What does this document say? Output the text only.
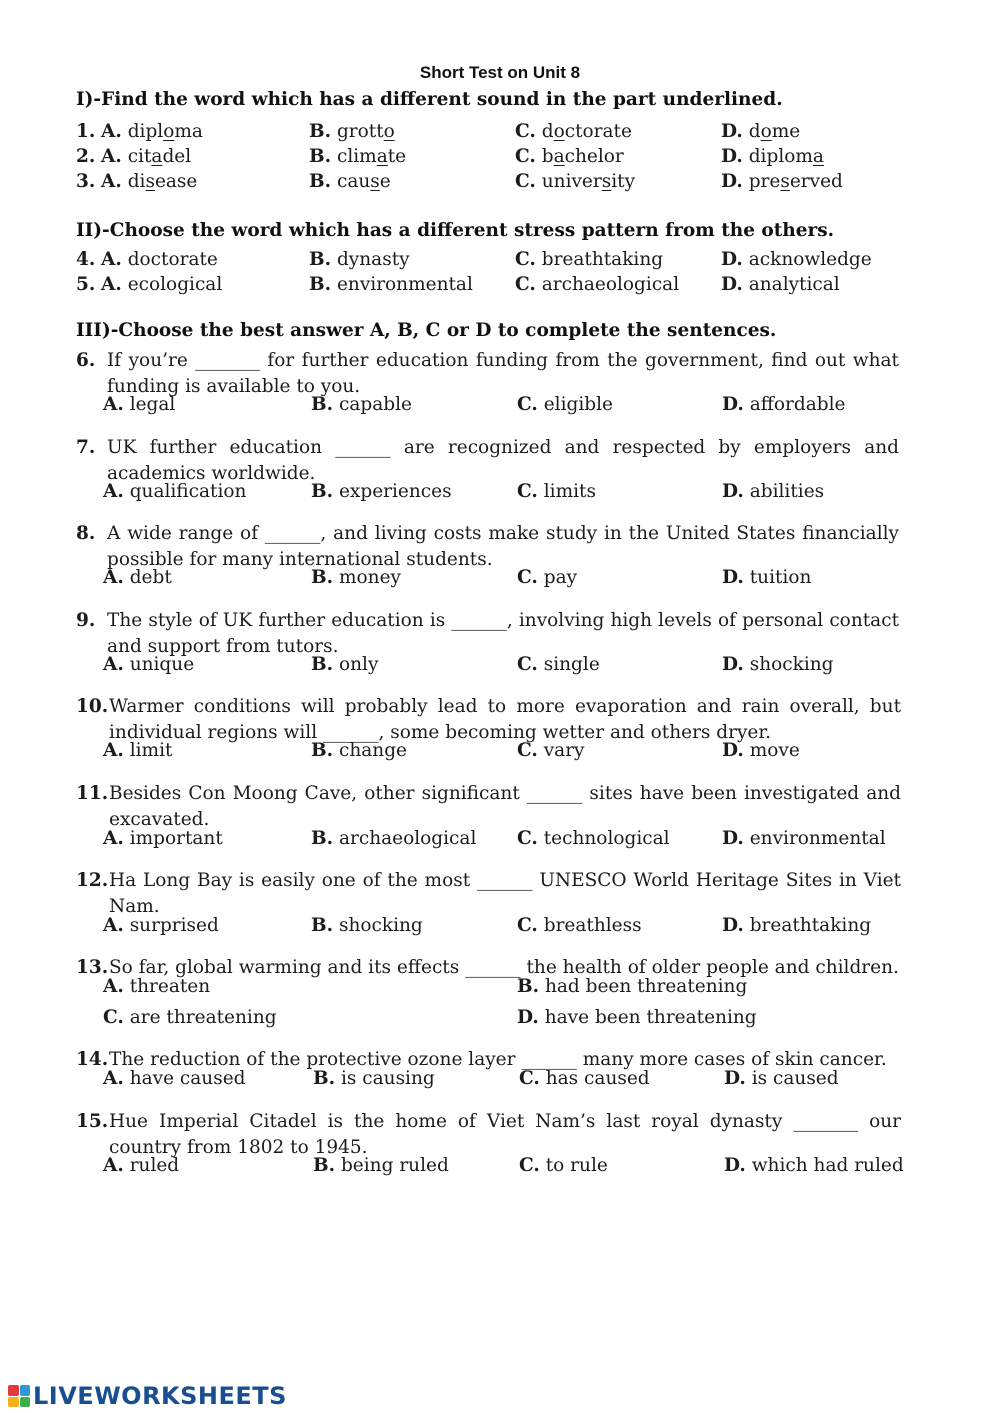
Short Test on Unit 8
I)-Find the word which has a different sound in the part underlined.
1. A. diploma	B. grotto	C. doctorate	D. dome
2. A. citadel	B. climate	C. bachelor	D. diploma
3. A. disease	B. cause	C. university	D. preserved
II)-Choose the word which has a different stress pattern from the others.
4. A. doctorate	B. dynasty	C. breathtaking	D. acknowledge
5. A. ecological	B. environmental C. archaeological D. analytical
III)-Choose the best answer A, B, C or D to complete the sentences.
6. If you’re _______ for further education funding from the government, find out what funding is available to you.
A. legal	B. capable	C. eligible	D. affordable
7. UK further education ______ are recognized and respected by employers and academics worldwide.
A. qualification	B. experiences	C. limits	D. abilities
8. A wide range of ______, and living costs make study in the United States financially possible for many international students.
A. debt	B. money	C. pay	D. tuition
9. The style of UK further education is ______, involving high levels of personal contact and support from tutors.
A. unique	B. only	C. single	D. shocking
10. Warmer conditions will probably lead to more evaporation and rain overall, but individual regions will ______, some becoming wetter and others dryer.
A. limit	B. change	C. vary	D. move
11. Besides Con Moong Cave, other significant ______ sites have been investigated and excavated.
A. important	B. archaeological C. technological	D. environmental
12. Ha Long Bay is easily one of the most ______ UNESCO World Heritage Sites in Viet Nam.
A. surprised	B. shocking	C. breathless	D. breathtaking
13. So far, global warming and its effects ______ the health of older people and children.
A. threaten	B. had been threatening
C. are threatening	D. have been threatening
14. The reduction of the protective ozone layer ______ many more cases of skin cancer.
A. have caused	B. is causing	C. has caused	D. is caused
15. Hue Imperial Citadel is the home of Viet Nam’s last royal dynasty _______ our country from 1802 to 1945.
A. ruled	B. being ruled	C. to rule	D. which had ruled
LIVEWORKSHEETS
